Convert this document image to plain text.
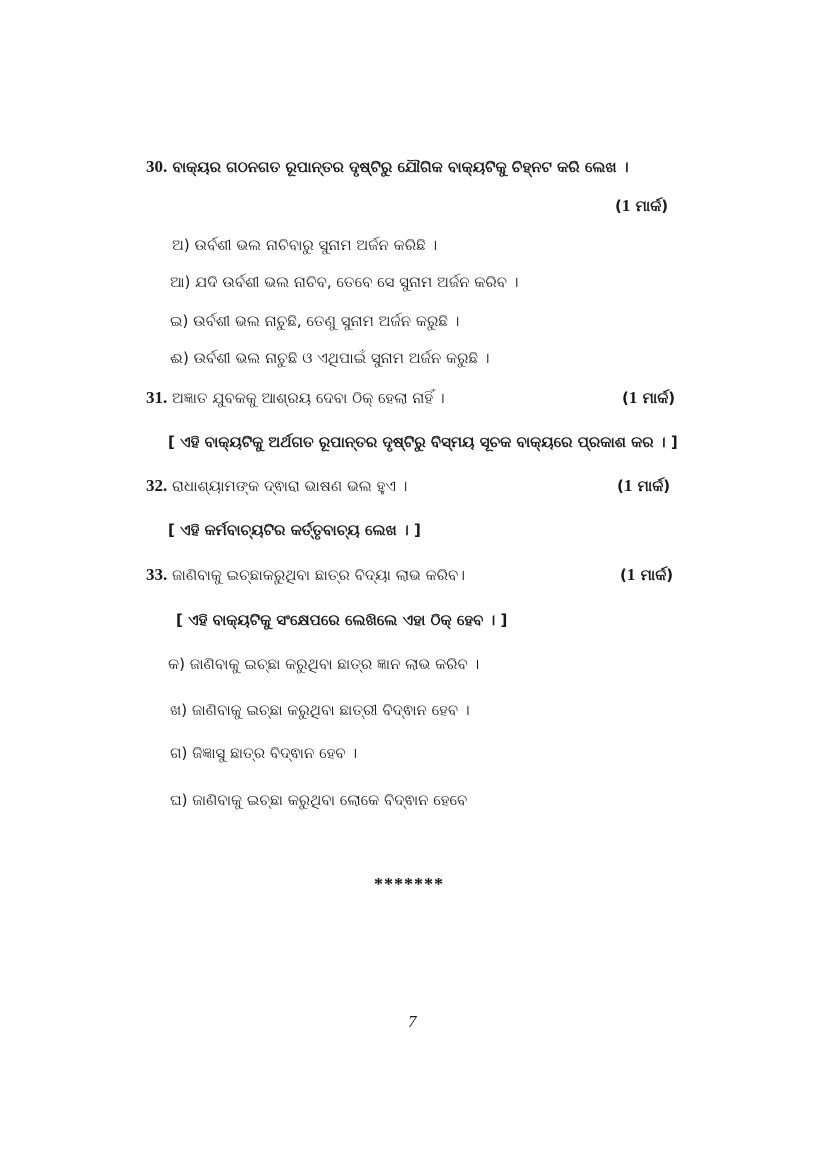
30. ବାକ୍ୟର ଗଠନଗତ ରୂପାନ୍ତର ଦୃଷ୍ଟିରୁ ଯୌଗିକ ବାକ୍ୟଟିକୁ ଚିହ୍ନଟ କରି ଲେଖ ।
(1 ମାର୍କ)
ଅ) ଉର୍ବଶୀ ଭଲ ନାଚିବାରୁ ସୁନାମ ଅର୍ଜନ କରିଛି ।
ଆ) ଯଦି ଉର୍ବଶୀ ଭଲ ନାଚିବ, ତେବେ ସେ ସୁନାମ ଅର୍ଜନ କରିବ ।
ଇ) ଉର୍ବଶୀ ଭଲ ନାଚୁଛି, ତେଣୁ ସୁନାମ ଅର୍ଜନ କରୁଛି ।
ଈ) ଉର୍ବଶୀ ଭଲ ନାଚୁଛି ଓ ଏଥିପାଇଁ ସୁନାମ ଅର୍ଜନ କରୁଛି ।
31. ଅଜ୍ଞାତ ଯୁବକକୁ ଆଶ୍ରୟ ଦେବା ଠିକ୍ ହେଲା ନାହିଁ ।	(1 ମାର୍କ)
[ ଏହି ବାକ୍ୟଟିକୁ ଅର୍ଥଗତ ରୂପାନ୍ତର ଦୃଷ୍ଟିରୁ ବିସ୍ମୟ ସୂଚକ ବାକ୍ୟରେ ପ୍ରକାଶ କର । ]
32. ରାଧାଶ୍ୟାମଙ୍କ ଦ୍ଵାରା ଭାଷଣ ଭଲ ହୁଏ ।	(1 ମାର୍କ)
[ ଏହି କର୍ମବାଚ୍ୟଟିର କର୍ତ୍ତୃବାଚ୍ୟ ଲେଖ । ]
33. ଜାଣିବାକୁ ଇଚ୍ଛାକରୁଥିବା ଛାତ୍ର ବିଦ୍ୟା ଲାଭ କରିବ।	(1 ମାର୍କ)
[ ଏହି ବାକ୍ୟଟିକୁ ସଂକ୍ଷେପରେ ଲେଖିଲେ ଏହା ଠିକ୍ ହେବ । ]
କ) ଜାଣିବାକୁ ଇଚ୍ଛା କରୁଥିବା ଛାତ୍ର ଜ୍ଞାନ ଲାଭ କରିବ ।
ଖ) ଜାଣିବାକୁ ଇଚ୍ଛା କରୁଥିବା ଛାତ୍ରୀ ବିଦ୍ଵାନ ହେବ ।
ଗ) ଜିଜ୍ଞାସୁ ଛାତ୍ର ବିଦ୍ଵାନ ହେବ ।
ଘ) ଜାଣିବାକୁ ଇଚ୍ଛା କରୁଥିବା ଲୋକେ ବିଦ୍ଵାନ ହେବେ
*******
7
